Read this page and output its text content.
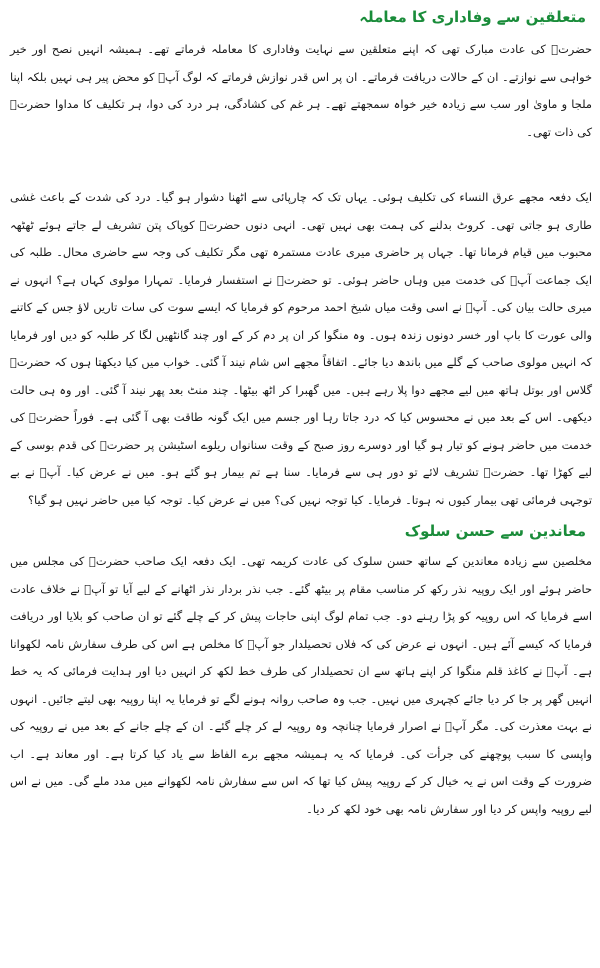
متعلقین سے وفاداری کا معاملہ

حضرتؒ کی عادت مبارک تھی کہ اپنے متعلقین سے نہایت وفاداری کا معاملہ فرماتے تھے۔ ہمیشہ انہیں نصح اور خیر خواہی سے نوازتے۔ ان کے حالات دریافت فرماتے۔ ان پر اس قدر نوازش فرماتے کہ لوگ آپؒ کو محض پیر ہی نہیں بلکہ اپنا ملجا و ماویٰ اور سب سے زیادہ خیر خواہ سمجھتے تھے۔ ہر غم کی کشادگی، ہر درد کی دوا، ہر تکلیف کا مداوا حضرتؒ کی ذات تھی۔

ایک دفعہ مجھے عرق النساء کی تکلیف ہوئی۔ یہاں تک کہ چارپائی سے اٹھنا دشوار ہو گیا۔ درد کی شدت کے باعث غشی طاری ہو جاتی تھی۔ کروٹ بدلنے کی ہمت بھی نہیں تھی۔ انہی دنوں حضرتؒ کوپاک پتن تشریف لے جاتے ہوئے ٹھٹھہ محبوب میں قیام فرمانا تھا۔ جہاں پر حاضری میری عادت مستمرہ تھی مگر تکلیف کی وجہ سے حاضری محال۔ طلبہ کی ایک جماعت آپؒ کی خدمت میں وہاں حاضر ہوئی۔ تو حضرتؒ نے استفسار فرمایا۔ تمہارا مولوی کہاں ہے؟ انہوں نے میری حالت بیان کی۔ آپؒ نے اسی وقت میاں شیخ احمد مرحوم کو فرمایا کہ ایسے سوت کی سات تاریں لاؤ جس کے کاتنے والی عورت کا باپ اور خسر دونوں زندہ ہوں۔ وہ منگوا کر ان پر دم کر کے اور چند گانٹھیں لگا کر طلبہ کو دیں اور فرمایا کہ انہیں مولوی صاحب کے گلے میں باندھ دیا جائے۔ اتفاقاً مجھے اس شام نیند آ گئی۔ خواب میں کیا دیکھتا ہوں کہ حضرتؒ گلاس اور بوتل ہاتھ میں لیے مجھے دوا پلا رہے ہیں۔ میں گھبرا کر اٹھ بیٹھا۔ چند منٹ بعد پھر نیند آ گئی۔ اور وہ ہی حالت دیکھی۔ اس کے بعد میں نے محسوس کیا کہ درد جاتا رہا اور جسم میں ایک گونہ طاقت بھی آ گئی ہے۔ فوراً حضرتؒ کی خدمت میں حاضر ہونے کو تیار ہو گیا اور دوسرے روز صبح کے وقت سنانواں ریلوے اسٹیشن پر حضرتؒ کی قدم بوسی کے لیے کھڑا تھا۔ حضرتؒ تشریف لائے تو دور ہی سے فرمایا۔ سنا ہے تم بیمار ہو گئے ہو۔ میں نے عرض کیا۔ آپؒ نے بے توجہی فرمائی تھی بیمار کیوں نہ ہوتا۔ فرمایا۔ کیا توجہ نہیں کی؟ میں نے عرض کیا۔ توجہ کیا میں حاضر نہیں ہو گیا؟

معاندین سے حسن سلوک

مخلصین سے زیادہ معاندین کے ساتھ حسن سلوک کی عادت کریمہ تھی۔ ایک دفعہ ایک صاحب حضرتؒ کی مجلس میں حاضر ہوئے اور ایک روپیہ نذر رکھ کر مناسب مقام پر بیٹھ گئے۔ جب نذر بردار نذر اٹھانے کے لیے آیا تو آپؒ نے خلاف عادت اسے فرمایا کہ اس روپیہ کو پڑا رہنے دو۔ جب تمام لوگ اپنی حاجات پیش کر کے چلے گئے تو ان صاحب کو بلایا اور دریافت فرمایا کہ کیسے آئے ہیں۔ انہوں نے عرض کی کہ فلاں تحصیلدار جو آپؒ کا مخلص ہے اس کی طرف سفارش نامہ لکھوانا ہے۔ آپؒ نے کاغذ قلم منگوا کر اپنے ہاتھ سے ان تحصیلدار کی طرف خط لکھ کر انہیں دیا اور ہدایت فرمائی کہ یہ خط انہیں گھر پر جا کر دیا جائے کچہری میں نہیں۔ جب وہ صاحب روانہ ہونے لگے تو فرمایا یہ اپنا روپیہ بھی لیتے جائیں۔ انہوں نے بہت معذرت کی۔ مگر آپؒ نے اصرار فرمایا چنانچہ وہ روپیہ لے کر چلے گئے۔ ان کے چلے جانے کے بعد میں نے روپیہ کی واپسی کا سبب پوچھنے کی جرأت کی۔ فرمایا کہ یہ ہمیشہ مجھے برے الفاظ سے یاد کیا کرتا ہے۔ اور معاند ہے۔ اب ضرورت کے وقت اس نے یہ خیال کر کے روپیہ پیش کیا تھا کہ اس سے سفارش نامہ لکھوانے میں مدد ملے گی۔ میں نے اس لیے روپیہ واپس کر دیا اور سفارش نامہ بھی خود لکھ کر دیا۔
